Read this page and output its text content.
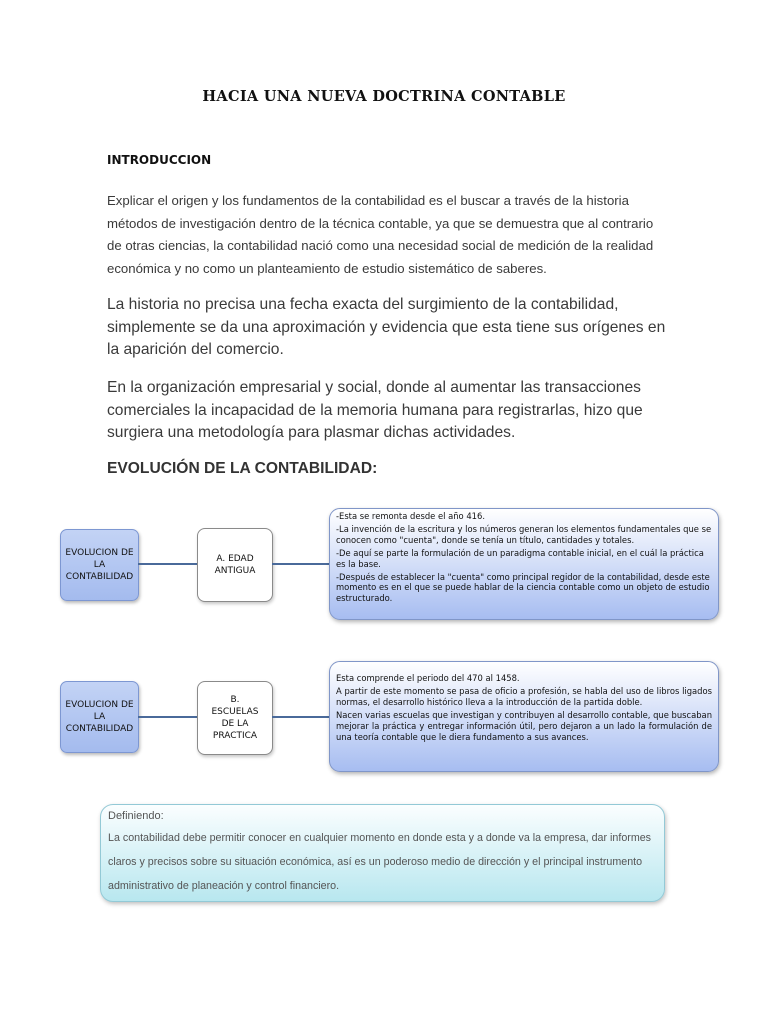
HACIA UNA NUEVA DOCTRINA CONTABLE
INTRODUCCION
Explicar el origen y los fundamentos de la contabilidad es el buscar a través de la historia métodos de investigación dentro de la técnica contable, ya que se demuestra que al contrario de otras ciencias, la contabilidad nació como una necesidad social de medición de la realidad económica y no como un planteamiento de estudio sistemático de saberes.
La historia no precisa una fecha exacta del surgimiento de la contabilidad, simplemente se da una aproximación y evidencia que esta tiene sus orígenes en la aparición del comercio.
En la organización empresarial y social, donde al aumentar las transacciones comerciales la incapacidad de la memoria humana para registrarlas, hizo que surgiera una metodología para plasmar dichas actividades.
EVOLUCIÓN DE LA CONTABILIDAD:
EVOLUCION DE LA CONTABILIDAD
A. EDAD ANTIGUA

-Esta se remonta desde el año 416.

-La invención de la escritura y los números generan los elementos fundamentales que se conocen como "cuenta", donde se tenía un título, cantidades y totales.

-De aquí se parte la formulación de un paradigma contable inicial, en el cuál la práctica es la base.

-Después de establecer la "cuenta" como principal regidor de la contabilidad, desde este momento es en el que se puede hablar de la ciencia contable como un objeto de estudio estructurado.

EVOLUCION DE LA CONTABILIDAD
B. ESCUELAS DE LA PRACTICA

Esta comprende el periodo del 470 al 1458.

A partir de este momento se pasa de oficio a profesión, se habla del uso de libros ligados normas, el desarrollo histórico lleva a la introducción de la partida doble.

Nacen varias escuelas que investigan y contribuyen al desarrollo contable, que buscaban mejorar la práctica y entregar información útil, pero dejaron a un lado la formulación de una teoría contable que le diera fundamento a sus avances.

Definiendo:

La contabilidad debe permitir conocer en cualquier momento en donde esta y a donde va la empresa, dar informes claros y precisos sobre su situación económica, así es un poderoso medio de dirección y el principal instrumento administrativo de planeación y control financiero.
